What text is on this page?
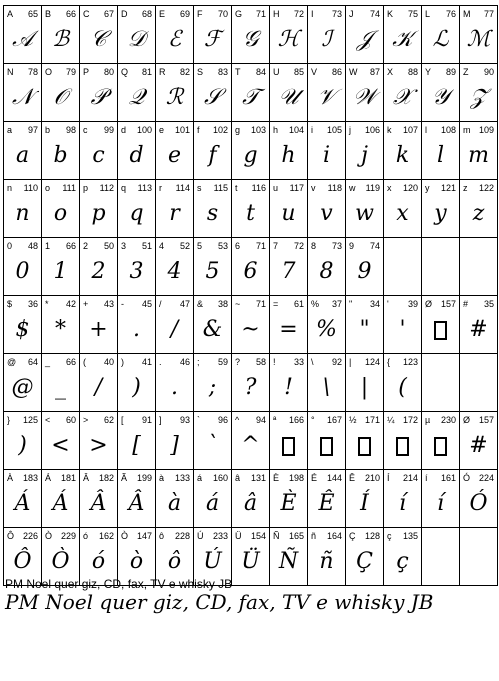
A 65
𝒜
B 66
ℬ
C 67
𝒞
D 68
𝒟
E 69
ℰ
F 70
ℱ
G 71
𝒢
H 72
ℋ
I 73
ℐ
J 74
𝒥
K 75
𝒦
L 76
ℒ
M 77
ℳ
N 78
𝒩
O 79
𝒪
P 80
𝒫
Q 81
𝒬
R 82
ℛ
S 83
𝒮
T 84
𝒯
U 85
𝒰
V 86
𝒱
W 87
𝒲
X 88
𝒳
Y 89
𝒴
Z 90
𝒵
a 97
a
b 98
b
c 99
c
d 100
d
e 101
e
f 102
f
g 103
g
h 104
h
i 105
i
j 106
j
k 107
k
l 108
l
m 109
m
n 110
n
o 111
o
p 112
p
q 113
q
r 114
r
s 115
s
t 116
t
u 117
u
v 118
v
w 119
w
x 120
x
y 121
y
z 122
z
0 48
0
1 66
1
2 50
2
3 51
3
4 52
4
5 53
5
6 71
6
7 72
7
8 73
8
9 74
9
$ 36
$
* 42
*
+ 43
+
- 45
.
/ 47
/
& 38
&
~ 71
~
= 61
=
% 37
%
" 34
"
' 39
'
Ø 157 # 35
#
@ 64
@
_ 66
_
( 40
/
) 41
)
. 46
.
; 59
;
? 58
?
! 33
!
\ 92
\
| 124
|
{ 123
(
} 125
)
< 60
<
> 62
>
[ 91
[
] 93
]
` 96
`
^ 94
^
ª 166 ° 167 ½ 171 ¼ 172 µ 230 Ø 157
#
À 183
Á
Á 181
Á
Â 182
Â
Ã 199
Â
à 133
à
á 160
á
â 131
â
È 198
È
É 144
Ê
Ê 210
Í
Í 214
í
í 161
í
Ó 224
Ó
Ô 226
Ô
Ò 229
Ò
ó 162
ó
Ò 147
ò
ô 228
ô
Ú 233
Ú
Ü 154
Ü
Ñ 165
Ñ
ñ 164
ñ
Ç 128
Ç
ç 135
ç
PM Noel quer giz, CD, fax, TV e whisky JB
PM Noel quer giz, CD, fax, TV e whisky JB
